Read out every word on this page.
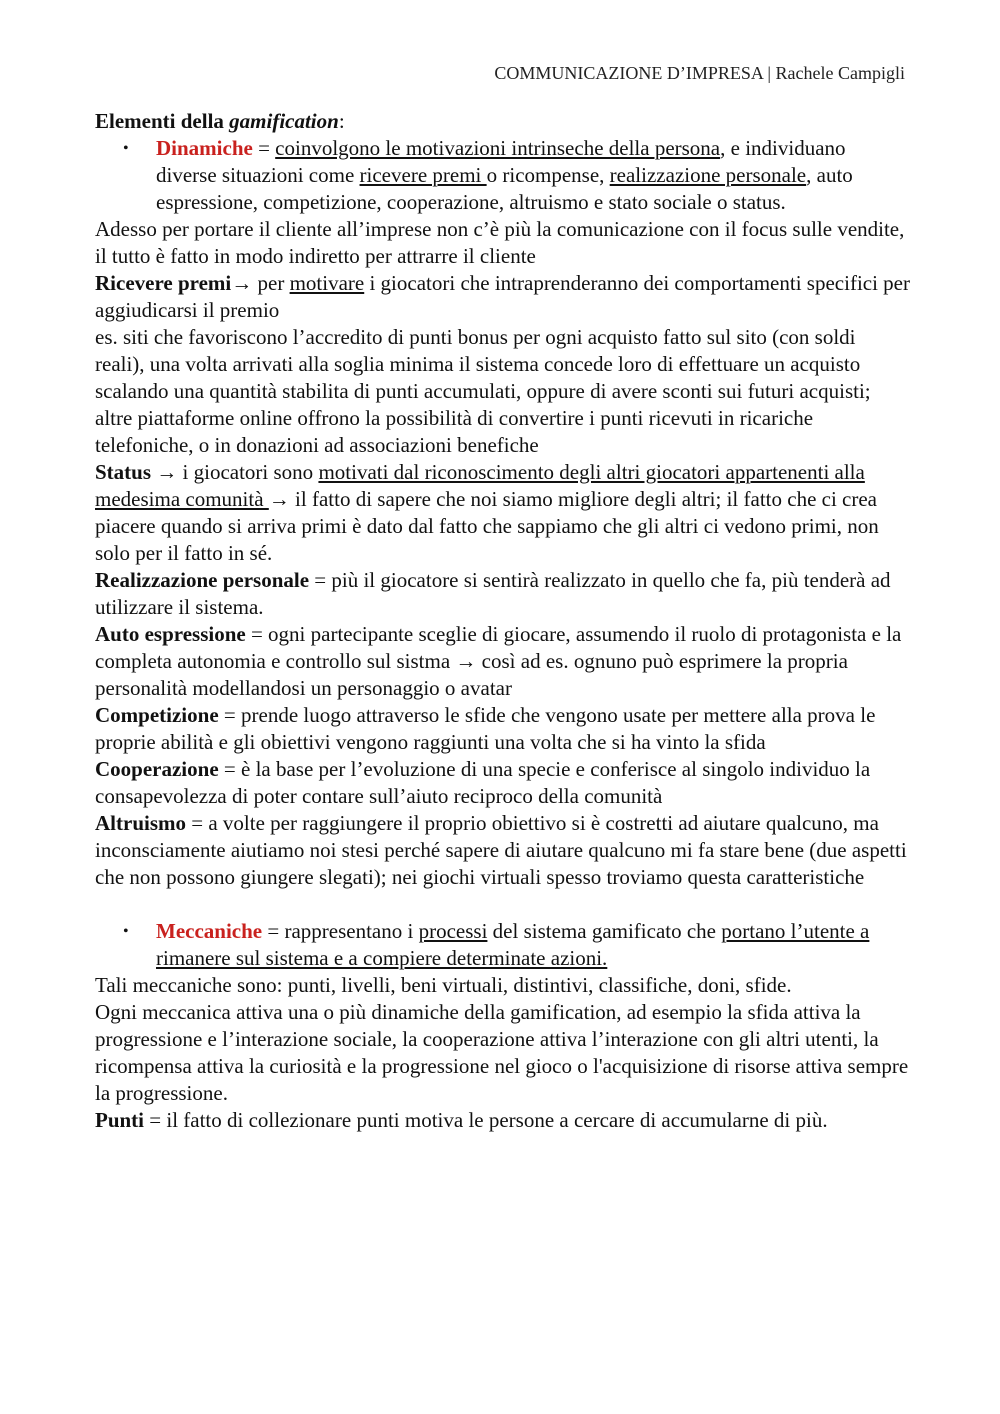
COMMUNICAZIONE D’IMPRESA | Rachele Campigli

Elementi della gamification:

• Dinamiche = coinvolgono le motivazioni intrinseche della persona, e individuano diverse situazioni come ricevere premi o ricompense, realizzazione personale, auto espressione, competizione, cooperazione, altruismo e stato sociale o status.

Adesso per portare il cliente all’imprese non c’è più la comunicazione con il focus sulle vendite, il tutto è fatto in modo indiretto per attrarre il cliente

Ricevere premi→ per motivare i giocatori che intraprenderanno dei comportamenti specifici per aggiudicarsi il premio

es. siti che favoriscono l’accredito di punti bonus per ogni acquisto fatto sul sito (con soldi reali), una volta arrivati alla soglia minima il sistema concede loro di effettuare un acquisto scalando una quantità stabilita di punti accumulati, oppure di avere sconti sui futuri acquisti; altre piattaforme online offrono la possibilità di convertire i punti ricevuti in ricariche telefoniche, o in donazioni ad associazioni benefiche

Status → i giocatori sono motivati dal riconoscimento degli altri giocatori appartenenti alla medesima comunità → il fatto di sapere che noi siamo migliore degli altri; il fatto che ci crea piacere quando si arriva primi è dato dal fatto che sappiamo che gli altri ci vedono primi, non solo per il fatto in sé.

Realizzazione personale = più il giocatore si sentirà realizzato in quello che fa, più tenderà ad utilizzare il sistema.

Auto espressione = ogni partecipante sceglie di giocare, assumendo il ruolo di protagonista e la completa autonomia e controllo sul sistma → così ad es. ognuno può esprimere la propria personalità modellandosi un personaggio o avatar

Competizione = prende luogo attraverso le sfide che vengono usate per mettere alla prova le proprie abilità e gli obiettivi vengono raggiunti una volta che si ha vinto la sfida

Cooperazione = è la base per l’evoluzione di una specie e conferisce al singolo individuo la consapevolezza di poter contare sull’aiuto reciproco della comunità

Altruismo = a volte per raggiungere il proprio obiettivo si è costretti ad aiutare qualcuno, ma inconsciamente aiutiamo noi stesi perché sapere di aiutare qualcuno mi fa stare bene (due aspetti che non possono giungere slegati); nei giochi virtuali spesso troviamo questa caratteristiche

• Meccaniche = rappresentano i processi del sistema gamificato che portano l’utente a rimanere sul sistema e a compiere determinate azioni.

Tali meccaniche sono: punti, livelli, beni virtuali, distintivi, classifiche, doni, sfide.

Ogni meccanica attiva una o più dinamiche della gamification, ad esempio la sfida attiva la progressione e l’interazione sociale, la cooperazione attiva l’interazione con gli altri utenti, la ricompensa attiva la curiosità e la progressione nel gioco o l'acquisizione di risorse attiva sempre la progressione.

Punti = il fatto di collezionare punti motiva le persone a cercare di accumularne di più.
